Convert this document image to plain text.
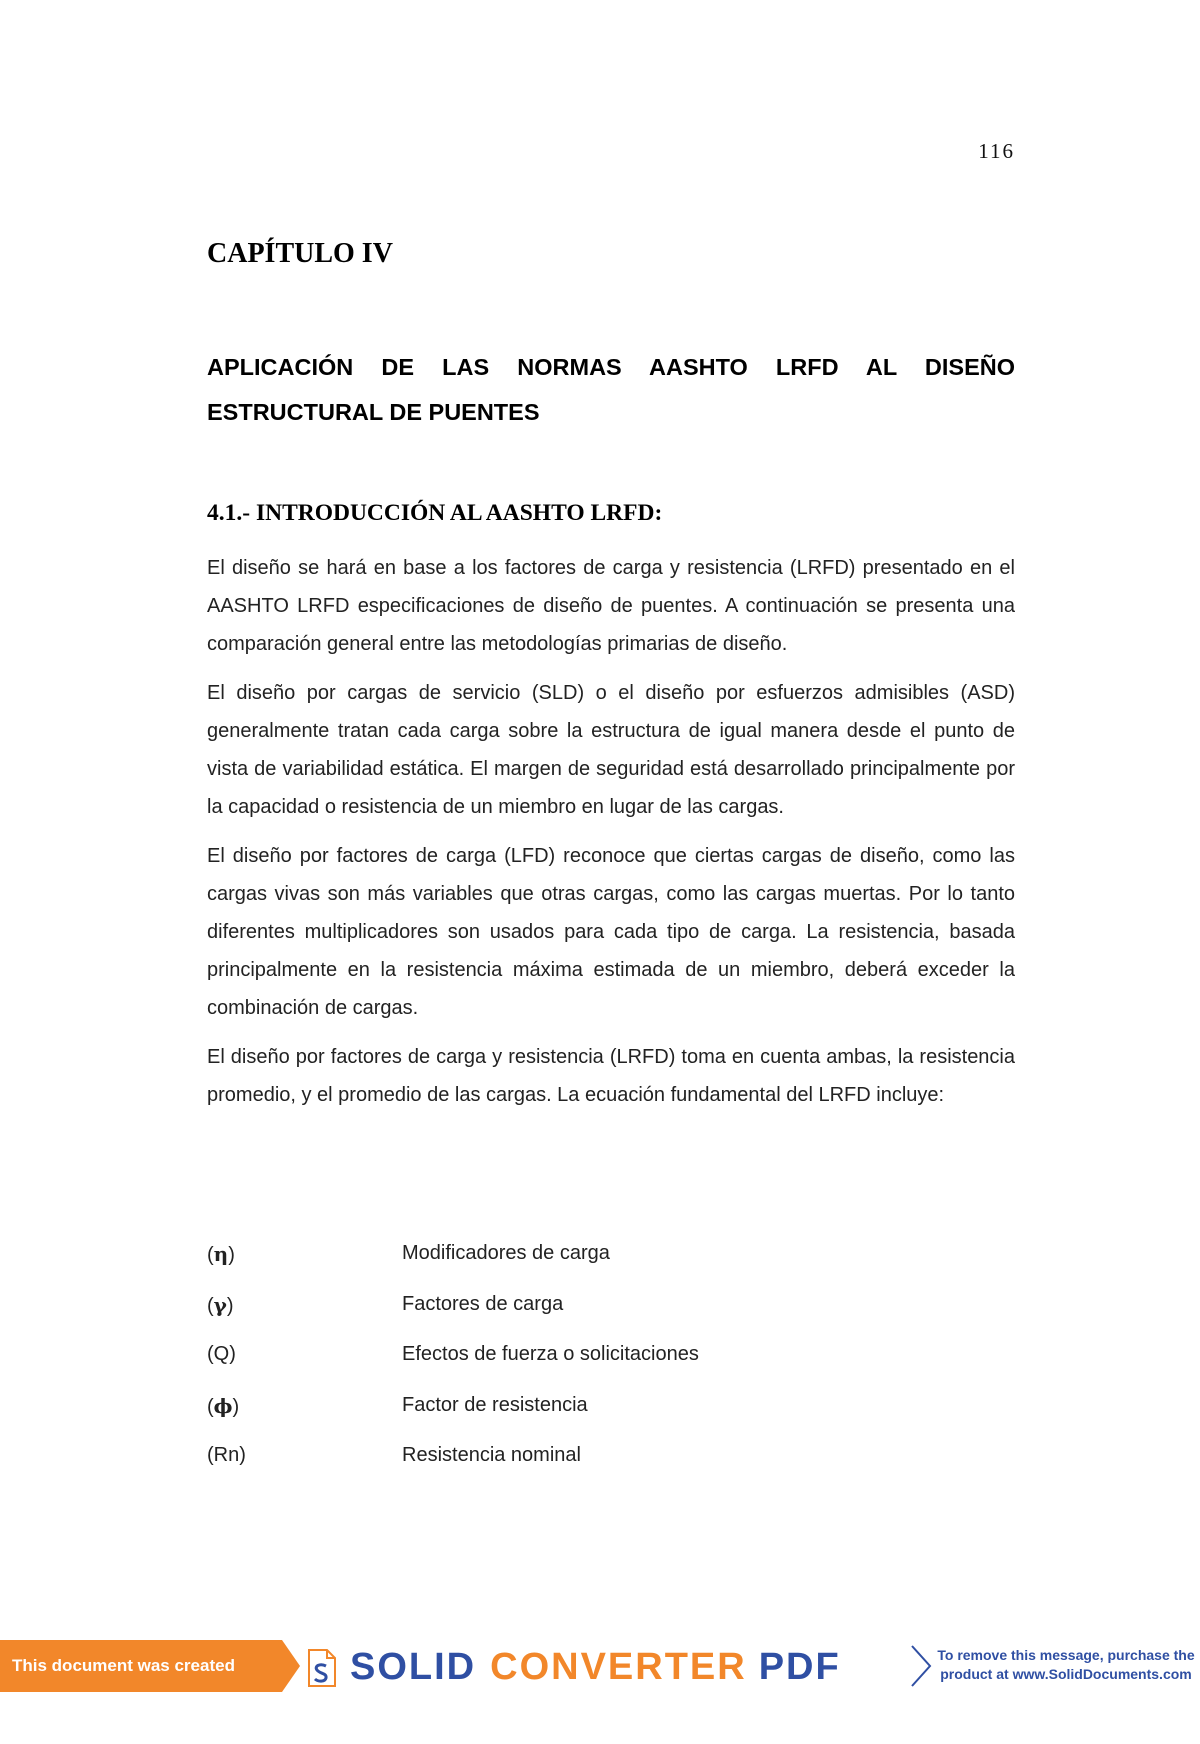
116
CAPÍTULO IV
APLICACIÓN DE LAS NORMAS AASHTO LRFD AL DISEÑO
ESTRUCTURAL DE PUENTES
4.1.- INTRODUCCIÓN AL AASHTO LRFD:

El diseño se hará en base a los factores de carga y resistencia (LRFD) presentado en el AASHTO LRFD especificaciones de diseño de puentes. A continuación se presenta una comparación general entre las metodologías primarias de diseño.

El diseño por cargas de servicio (SLD) o el diseño por esfuerzos admisibles (ASD) generalmente tratan cada carga sobre la estructura de igual manera desde el punto de vista de variabilidad estática. El margen de seguridad está desarrollado principalmente por la capacidad o resistencia de un miembro en lugar de las cargas.

El diseño por factores de carga (LFD) reconoce que ciertas cargas de diseño, como las cargas vivas son más variables que otras cargas, como las cargas muertas. Por lo tanto diferentes multiplicadores son usados para cada tipo de carga. La resistencia, basada principalmente en la resistencia máxima estimada de un miembro, deberá exceder la combinación de cargas.

El diseño por factores de carga y resistencia (LRFD) toma en cuenta ambas, la resistencia promedio, y el promedio de las cargas. La ecuación fundamental del LRFD incluye:

(η)	Modificadores de carga
(γ)	Factores de carga
(Q)	Efectos de fuerza o solicitaciones
(ϕ)	Factor de resistencia
(Rn)	Resistencia nominal
This document was created using
SOLID CONVERTER PDF	To remove this message, purchase the
product at www.SolidDocuments.com
